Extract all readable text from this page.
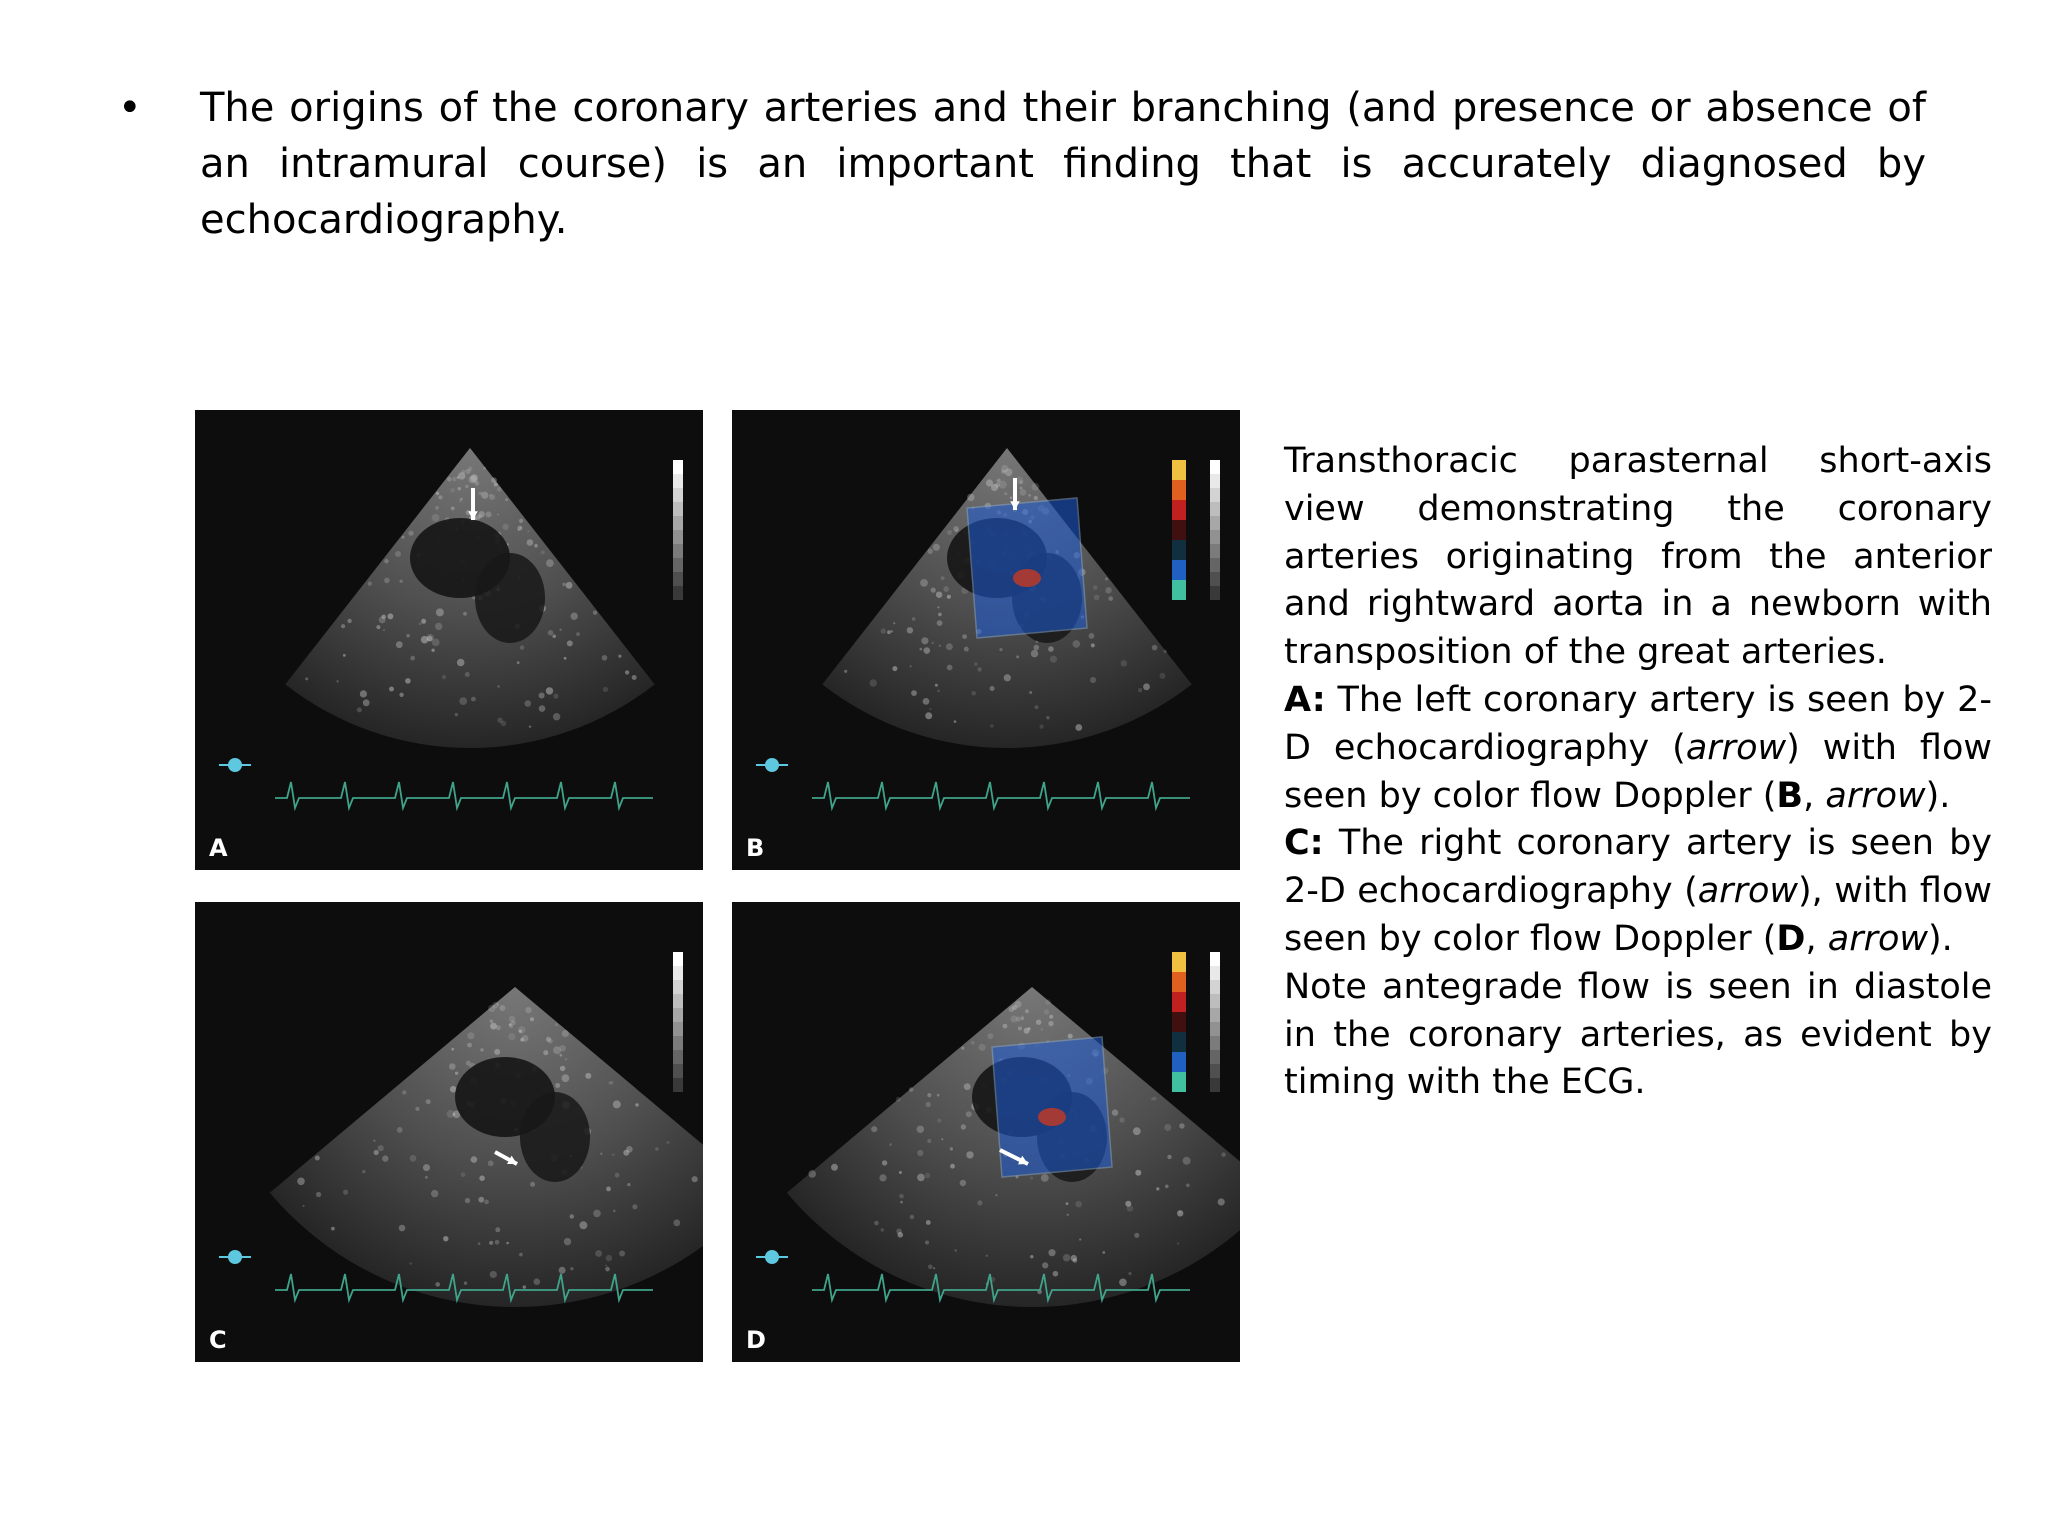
• The origins of the coronary arteries and their branching (and presence or absence of an intramural course) is an important finding that is accurately diagnosed by echocardiography.
A	B
C	D

Transthoracic parasternal short-axis view demonstrating the coronary arteries originating from the anterior and rightward aorta in a newborn with transposition of the great arteries.

A: The left coronary artery is seen by 2-D echocardiography (arrow) with flow seen by color flow Doppler (B, arrow).

C: The right coronary artery is seen by 2-D echocardiography (arrow), with flow seen by color flow Doppler (D, arrow).

Note antegrade flow is seen in diastole in the coronary arteries, as evident by timing with the ECG.
